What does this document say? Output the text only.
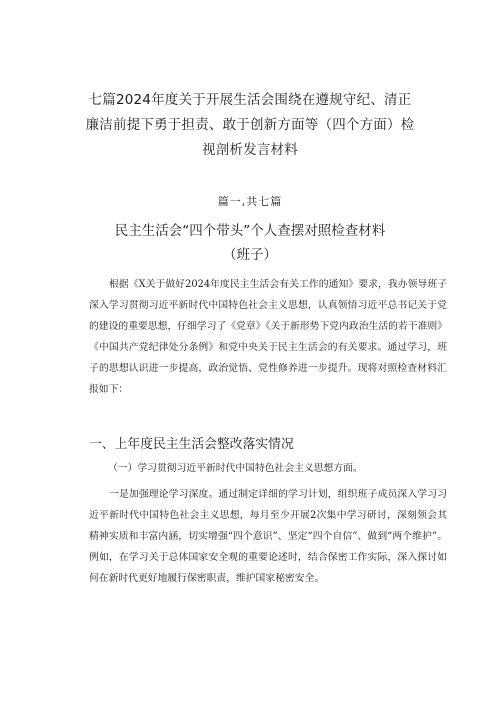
七篇2024年度关于开展生活会围绕在遵规守纪、清正
廉洁前提下勇于担责、敢于创新方面等（四个方面）检
视剖析发言材料
篇一,共七篇
民主生活会“四个带头”个人查摆对照检查材料
（班子）

根据《X关于做好2024年度民主生活会有关工作的通知》要求，我办领导班子深入学习贯彻习近平新时代中国特色社会主义思想，认真领悟习近平总书记关于党的建设的重要思想，仔细学习了《党章》《关于新形势下党内政治生活的若干准则》《中国共产党纪律处分条例》和党中央关于民主生活会的有关要求。通过学习，班子的思想认识进一步提高，政治觉悟、党性修养进一步提升。现将对照检查材料汇报如下：

一、上年度民主生活会整改落实情况
（一）学习贯彻习近平新时代中国特色社会主义思想方面。

一是加强理论学习深度。通过制定详细的学习计划，组织班子成员深入学习习近平新时代中国特色社会主义思想，每月至少开展2次集中学习研讨，深刻领会其精神实质和丰富内涵，切实增强“四个意识”、坚定“四个自信”、做到“两个维护”。例如，在学习关于总体国家安全观的重要论述时，结合保密工作实际，深入探讨如何在新时代更好地履行保密职责，维护国家秘密安全。
